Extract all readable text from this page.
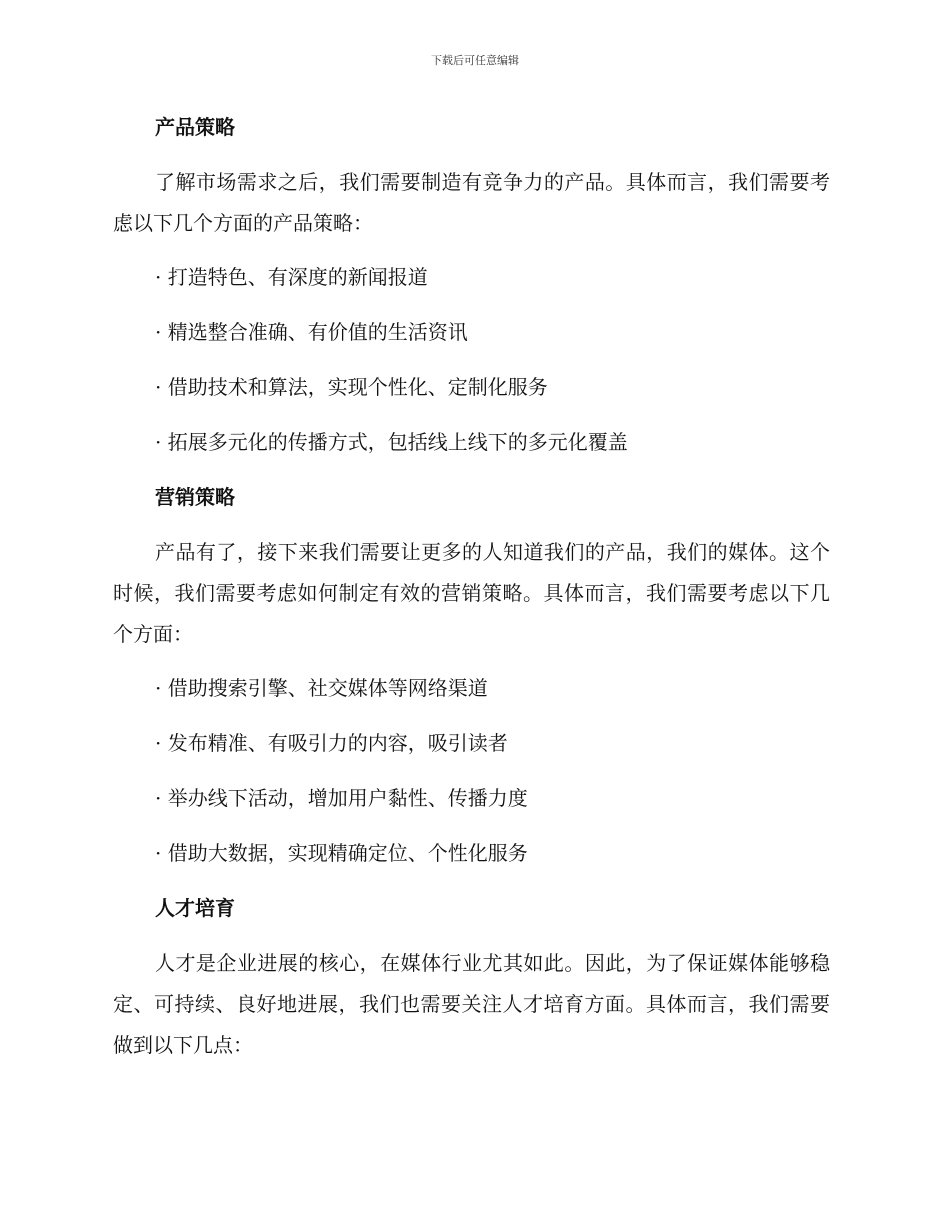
下载后可任意编辑
产品策略
了解市场需求之后，我们需要制造有竞争力的产品。具体而言，我们需要考虑以下几个方面的产品策略：
· 打造特色、有深度的新闻报道
· 精选整合准确、有价值的生活资讯
· 借助技术和算法，实现个性化、定制化服务
· 拓展多元化的传播方式，包括线上线下的多元化覆盖
营销策略
产品有了，接下来我们需要让更多的人知道我们的产品，我们的媒体。这个时候，我们需要考虑如何制定有效的营销策略。具体而言，我们需要考虑以下几个方面：
· 借助搜索引擎、社交媒体等网络渠道
· 发布精准、有吸引力的内容，吸引读者
· 举办线下活动，增加用户黏性、传播力度
· 借助大数据，实现精确定位、个性化服务
人才培育
人才是企业进展的核心，在媒体行业尤其如此。因此，为了保证媒体能够稳定、可持续、良好地进展，我们也需要关注人才培育方面。具体而言，我们需要做到以下几点：
